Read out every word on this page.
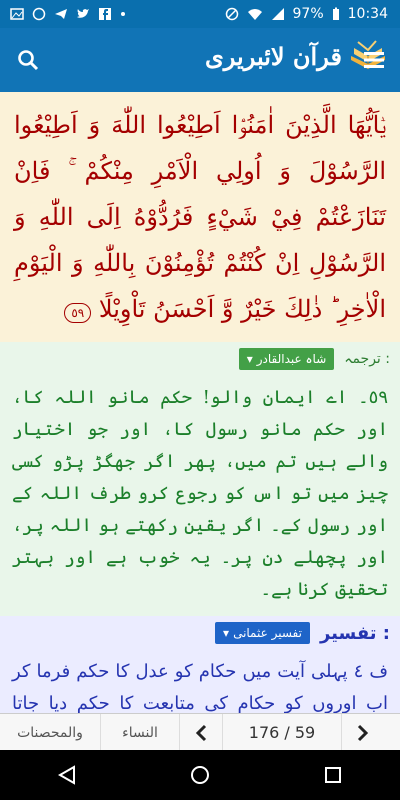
97% 10:34
قرآن لائبریری
يٰۤاَيُّهَا الَّذِيْنَ اٰمَنُوْۤا اَطِيْعُوا اللّٰهَ وَ اَطِيْعُوا الرَّسُوْلَ وَ اُولِي الْاَمْرِ مِنْكُمْ ۚ فَاِنْ تَنَازَعْتُمْ فِيْ شَيْءٍ فَرُدُّوْهُ اِلَى اللّٰهِ وَ الرَّسُوْلِ اِنْ كُنْتُمْ تُؤْمِنُوْنَ بِاللّٰهِ وَ الْيَوْمِ الْاٰخِرِ ؕ ذٰلِكَ خَيْرٌ وَّ اَحْسَنُ تَاْوِيْلًا ٥٩
▾ شاہ عبدالقادر ترجمہ :
٥٩۔ اے ایمان والو! حکم مانو اللہ کا، اور حکم مانو رسول کا، اور جو اختیار والے ہیں تم میں، پھر اگر جھگڑ پڑو کسی چیز میں تو اس کو رجوع کرو طرف اللہ کے اور رسول کے۔ اگر یقین رکھتے ہو اللہ پر، اور پچھلے دن پر۔ یہ خوب ہے اور بہتر تحقیق کرنا ہے۔
▾ تفسیر عثمانی تفسیر :
ف ٤ پہلی آیت میں حکام کو عدل کا حکم فرما کر اب اوروں کو حکام کی متابعت کا حکم دیا جاتا
والمحصنات	النساء	176 / 59
